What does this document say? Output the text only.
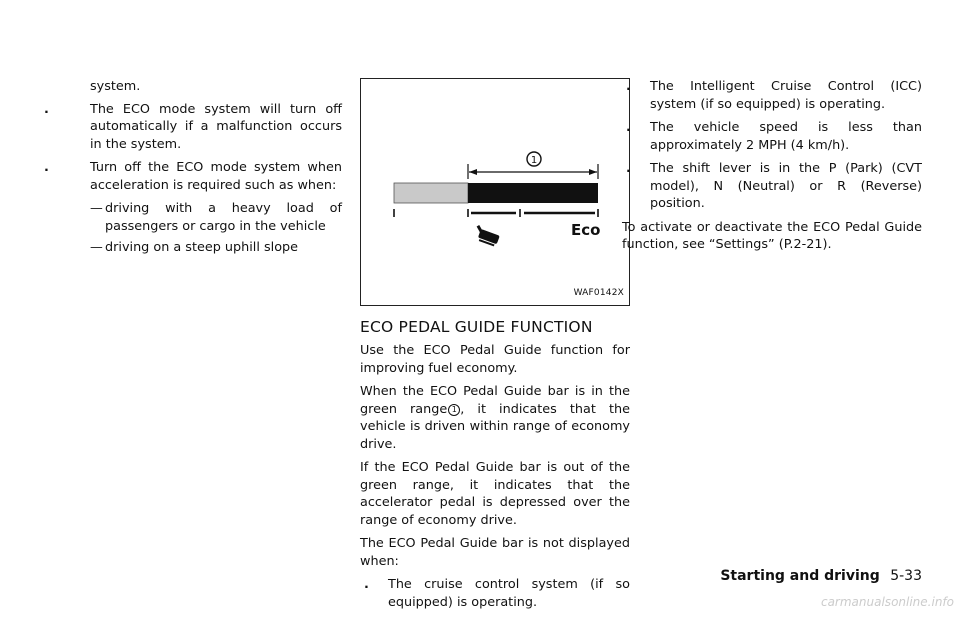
system.
.	The ECO mode system will turn off automatically if a malfunction occurs in the system.
.	Turn off the ECO mode system when acceleration is required such as when:
— driving with a heavy load of passengers or cargo in the vehicle
— driving on a steep uphill slope
1
Eco
WAF0142X
ECO PEDAL GUIDE FUNCTION

Use the ECO Pedal Guide function for improving fuel economy.

When the ECO Pedal Guide bar is in the green range 1 , it indicates that the vehicle is driven within range of economy drive.

If the ECO Pedal Guide bar is out of the green range, it indicates that the accelerator pedal is depressed over the range of economy drive.

The ECO Pedal Guide bar is not displayed when:

. The cruise control system (if so equipped) is operating.
. The Intelligent Cruise Control (ICC) system (if so equipped) is operating.
. The vehicle speed is less than approximately 2 MPH (4 km/h).
. The shift lever is in the P (Park) (CVT model), N (Neutral) or R (Reverse) position.

To activate or deactivate the ECO Pedal Guide function, see “Settings” (P.2-21).

Starting and driving 5-33
carmanualsonline.info
